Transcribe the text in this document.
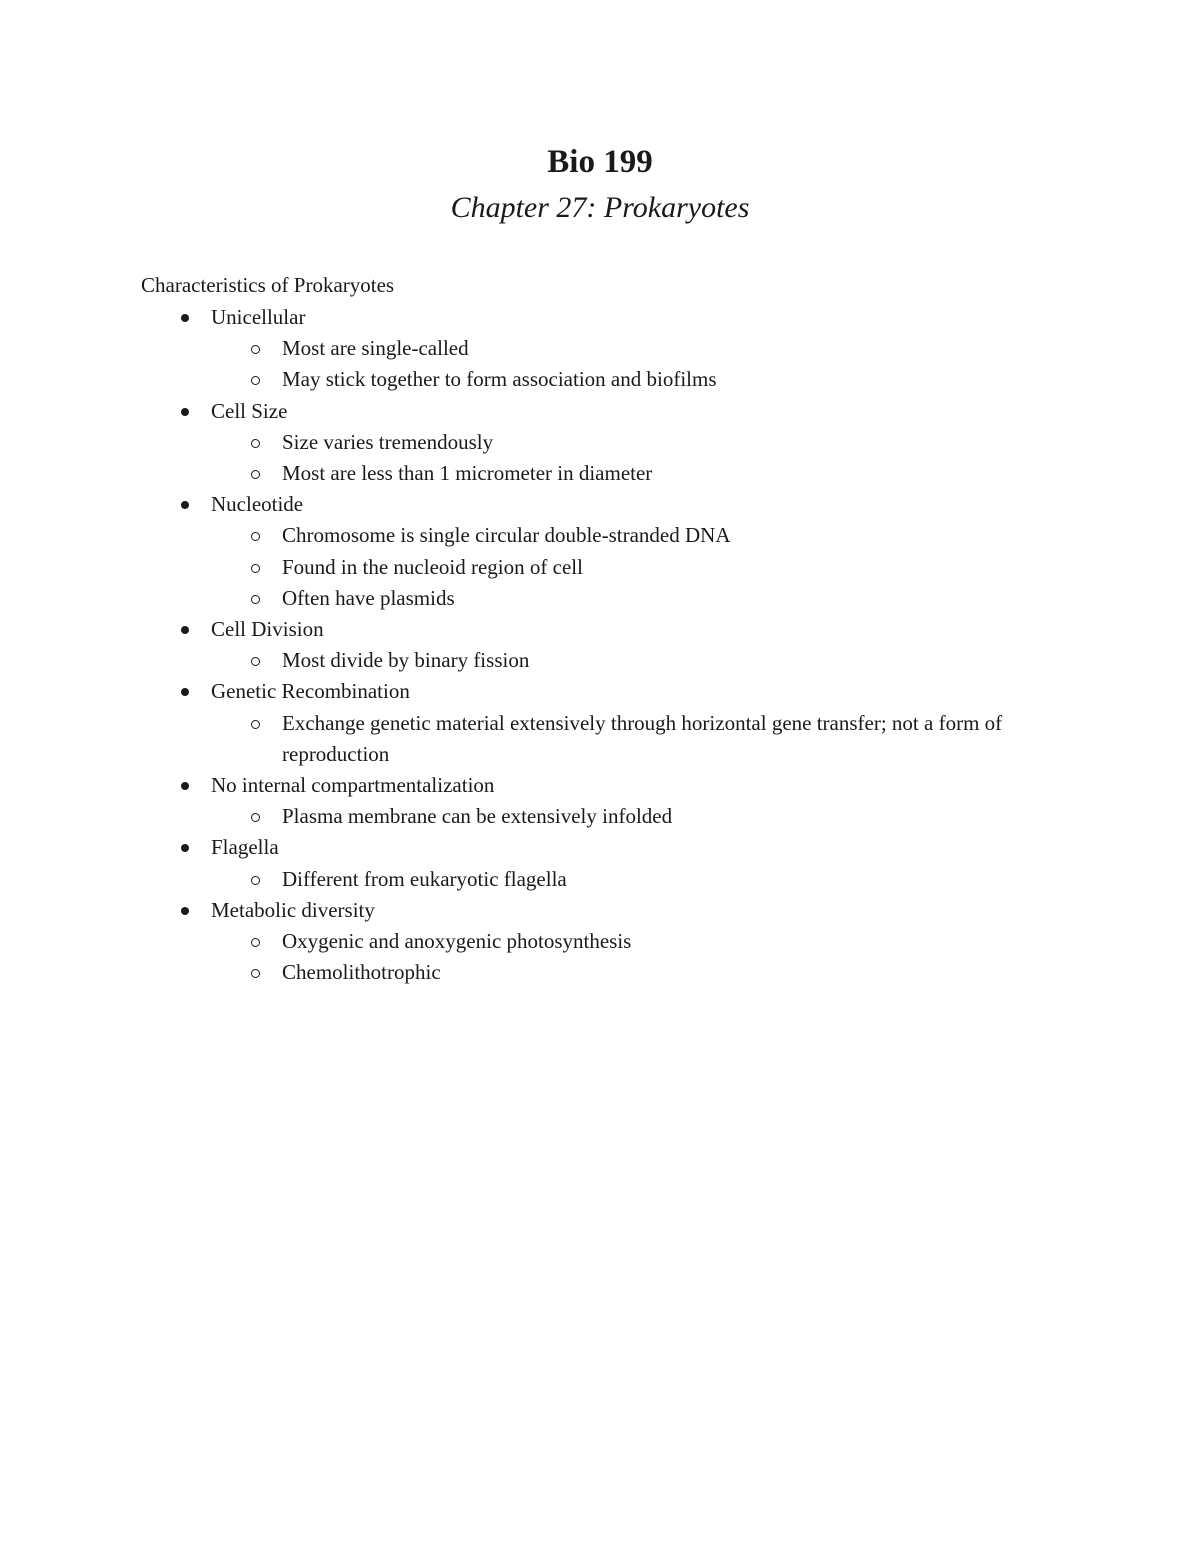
Bio 199
Chapter 27: Prokaryotes
Characteristics of Prokaryotes
Unicellular
Most are single-called
May stick together to form association and biofilms
Cell Size
Size varies tremendously
Most are less than 1 micrometer in diameter
Nucleotide
Chromosome is single circular double-stranded DNA
Found in the nucleoid region of cell
Often have plasmids
Cell Division
Most divide by binary fission
Genetic Recombination
Exchange genetic material extensively through horizontal gene transfer; not a form of reproduction
No internal compartmentalization
Plasma membrane can be extensively infolded
Flagella
Different from eukaryotic flagella
Metabolic diversity
Oxygenic and anoxygenic photosynthesis
Chemolithotrophic
